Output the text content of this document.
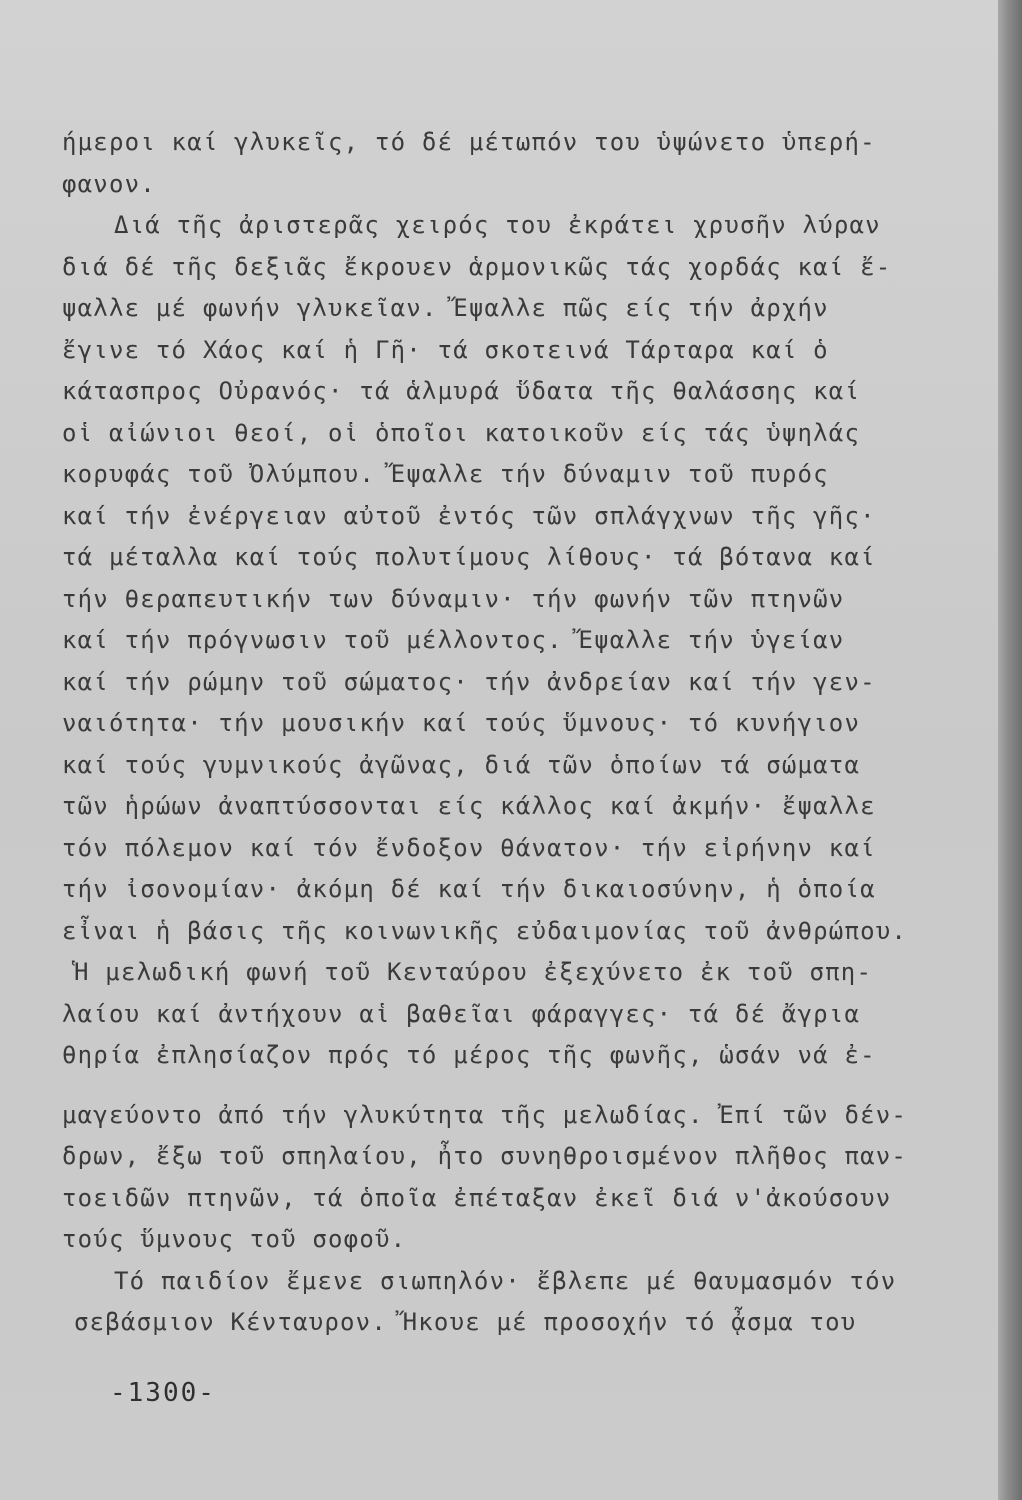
ήμεροι καί γλυκεῖς, τό δέ μέτωπόν του ὑψώνετο ὑπερή-
φανον.
Διά τῆς ἀριστερᾶς χειρός του ἐκράτει χρυσῆν λύραν
διά δέ τῆς δεξιᾶς ἔκρουεν ἁρμονικῶς τάς χορδάς καί ἔ-
ψαλλε μέ φωνήν γλυκεῖαν. Ἔψαλλε πῶς είς τήν ἀρχήν
ἔγινε τό Χάος καί ἡ Γῆ· τά σκοτεινά Τάρταρα καί ὁ
κάτασπρος Οὐρανός· τά ἁλμυρά ὕδατα τῆς θαλάσσης καί
οἱ αἰώνιοι θεοί, οἱ ὁποῖοι κατοικοῦν είς τάς ὑψηλάς
κορυφάς τοῦ Ὀλύμπου. Ἔψαλλε τήν δύναμιν τοῦ πυρός
καί τήν ἐνέργειαν αὐτοῦ ἐντός τῶν σπλάγχνων τῆς γῆς·
τά μέταλλα καί τούς πολυτίμους λίθους· τά βότανα καί
τήν θεραπευτικήν των δύναμιν· τήν φωνήν τῶν πτηνῶν
καί τήν πρόγνωσιν τοῦ μέλλοντος. Ἔψαλλε τήν ὑγείαν
καί τήν ρώμην τοῦ σώματος· τήν ἀνδρείαν καί τήν γεν-
ναιότητα· τήν μουσικήν καί τούς ὕμνους· τό κυνήγιον
καί τούς γυμνικούς ἀγῶνας, διά τῶν ὁποίων τά σώματα
τῶν ἡρώων ἀναπτύσσονται είς κάλλος καί ἀκμήν· ἔψαλλε
τόν πόλεμον καί τόν ἔνδοξον θάνατον· τήν εἰρήνην καί
τήν ἰσονομίαν· ἀκόμη δέ καί τήν δικαιοσύνην, ἡ ὁποία
εἶναι ἡ βάσις τῆς κοινωνικῆς εὐδαιμονίας τοῦ ἀνθρώπου.
Ἡ μελωδική φωνή τοῦ Κενταύρου ἐξεχύνετο ἐκ τοῦ σπη-
λαίου καί ἀντήχουν αἱ βαθεῖαι φάραγγες· τά δέ ἄγρια
θηρία ἐπλησίαζον πρός τό μέρος τῆς φωνῆς, ὡσάν νά ἐ-
μαγεύοντο ἀπό τήν γλυκύτητα τῆς μελωδίας. Ἐπί τῶν δέν-
δρων, ἔξω τοῦ σπηλαίου, ἦτο συνηθροισμένον πλῆθος παν-
τοειδῶν πτηνῶν, τά ὁποῖα ἐπέταξαν ἐκεῖ διά ν'ἀκούσουν
τούς ὕμνους τοῦ σοφοῦ.
Τό παιδίον ἔμενε σιωπηλόν· ἔβλεπε μέ θαυμασμόν τόν
σεβάσμιον Κένταυρον. Ἤκουε μέ προσοχήν τό ᾆσμα του
-1300-
